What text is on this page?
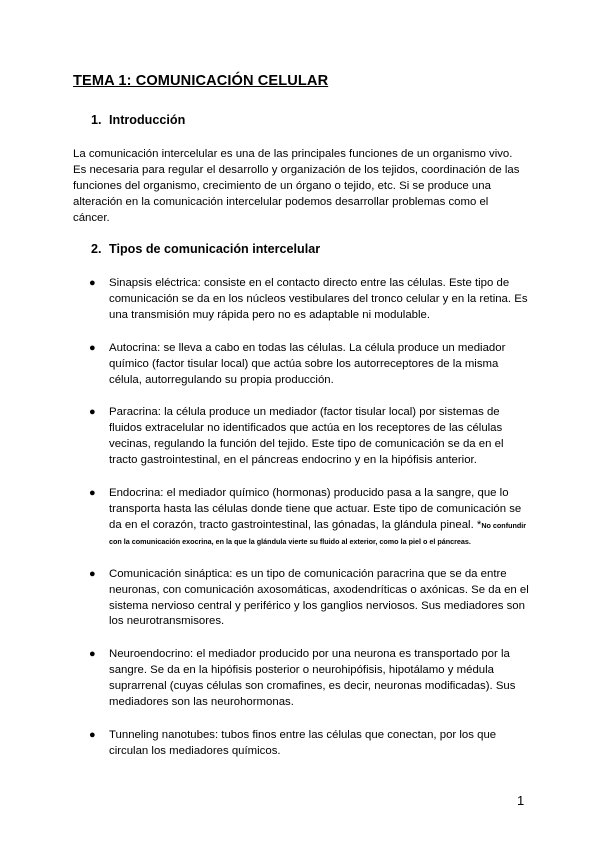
TEMA 1: COMUNICACIÓN CELULAR
1. Introducción

La comunicación intercelular es una de las principales funciones de un organismo vivo. Es necesaria para regular el desarrollo y organización de los tejidos, coordinación de las funciones del organismo, crecimiento de un órgano o tejido, etc. Si se produce una alteración en la comunicación intercelular podemos desarrollar problemas como el cáncer.

2. Tipos de comunicación intercelular
● Sinapsis eléctrica: consiste en el contacto directo entre las células. Este tipo de comunicación se da en los núcleos vestibulares del tronco celular y en la retina. Es una transmisión muy rápida pero no es adaptable ni modulable.
● Autocrina: se lleva a cabo en todas las células. La célula produce un mediador químico (factor tisular local) que actúa sobre los autorreceptores de la misma célula, autorregulando su propia producción.
● Paracrina: la célula produce un mediador (factor tisular local) por sistemas de fluidos extracelular no identificados que actúa en los receptores de las células vecinas, regulando la función del tejido. Este tipo de comunicación se da en el tracto gastrointestinal, en el páncreas endocrino y en la hipófisis anterior.
● Endocrina: el mediador químico (hormonas) producido pasa a la sangre, que lo transporta hasta las células donde tiene que actuar. Este tipo de comunicación se da en el corazón, tracto gastrointestinal, las gónadas, la glándula pineal. *No confundir con la comunicación exocrina, en la que la glándula vierte su fluido al exterior, como la piel o el páncreas.
● Comunicación sináptica: es un tipo de comunicación paracrina que se da entre neuronas, con comunicación axosomáticas, axodendríticas o axónicas. Se da en el sistema nervioso central y periférico y los ganglios nerviosos. Sus mediadores son los neurotransmisores.
● Neuroendocrino: el mediador producido por una neurona es transportado por la sangre. Se da en la hipófisis posterior o neurohipófisis, hipotálamo y médula suprarrenal (cuyas células son cromafines, es decir, neuronas modificadas). Sus mediadores son las neurohormonas.
● Tunneling nanotubes: tubos finos entre las células que conectan, por los que circulan los mediadores químicos.
1
